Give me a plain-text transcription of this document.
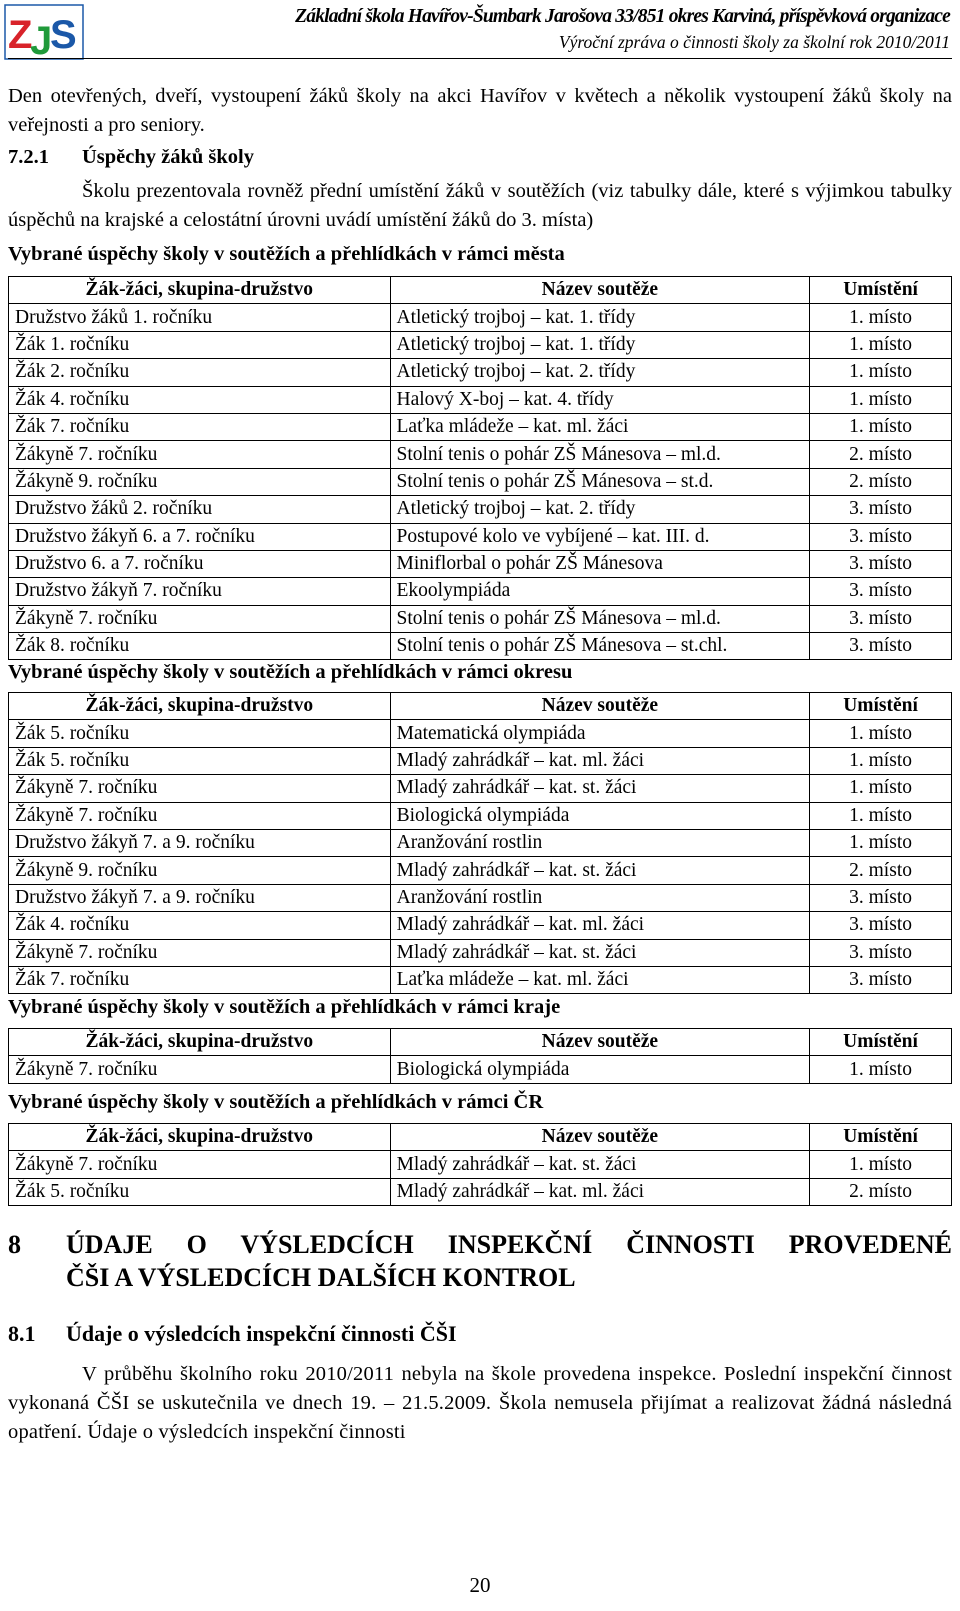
Z
J
S	Základní škola Havířov-Šumbark Jarošova 33/851 okres Karviná, příspěvková organizace
Výroční zpráva o činnosti školy za školní rok 2010/2011

Den otevřených, dveří, vystoupení žáků školy na akci Havířov v květech a několik vystoupení žáků školy na veřejnosti a pro seniory.

7.2.1 Úspěchy žáků školy

Školu prezentovala rovněž přední umístění žáků v soutěžích (viz tabulky dále, které s výjimkou tabulky úspěchů na krajské a celostátní úrovni uvádí umístění žáků do 3. místa)

Vybrané úspěchy školy v soutěžích a přehlídkách v rámci města
Žák-žáci, skupina-družstvo	Název soutěže	Umístění
Družstvo žáků 1. ročníku	Atletický trojboj – kat. 1. třídy	1. místo
Žák 1. ročníku	Atletický trojboj – kat. 1. třídy	1. místo
Žák 2. ročníku	Atletický trojboj – kat. 2. třídy	1. místo
Žák 4. ročníku	Halový X-boj – kat. 4. třídy	1. místo
Žák 7. ročníku	Laťka mládeže – kat. ml. žáci	1. místo
Žákyně 7. ročníku	Stolní tenis o pohár ZŠ Mánesova – ml.d.	2. místo
Žákyně 9. ročníku	Stolní tenis o pohár ZŠ Mánesova – st.d.	2. místo
Družstvo žáků 2. ročníku	Atletický trojboj – kat. 2. třídy	3. místo
Družstvo žákyň 6. a 7. ročníku	Postupové kolo ve vybíjené – kat. III. d.	3. místo
Družstvo 6. a 7. ročníku	Miniflorbal o pohár ZŠ Mánesova	3. místo
Družstvo žákyň 7. ročníku	Ekoolympiáda	3. místo
Žákyně 7. ročníku	Stolní tenis o pohár ZŠ Mánesova – ml.d.	3. místo
Žák 8. ročníku	Stolní tenis o pohár ZŠ Mánesova – st.chl.	3. místo
Vybrané úspěchy školy v soutěžích a přehlídkách v rámci okresu
Žák-žáci, skupina-družstvo	Název soutěže	Umístění
Žák 5. ročníku	Matematická olympiáda	1. místo
Žák 5. ročníku	Mladý zahrádkář – kat. ml. žáci	1. místo
Žákyně 7. ročníku	Mladý zahrádkář – kat. st. žáci	1. místo
Žákyně 7. ročníku	Biologická olympiáda	1. místo
Družstvo žákyň 7. a 9. ročníku	Aranžování rostlin	1. místo
Žákyně 9. ročníku	Mladý zahrádkář – kat. st. žáci	2. místo
Družstvo žákyň 7. a 9. ročníku	Aranžování rostlin	3. místo
Žák 4. ročníku	Mladý zahrádkář – kat. ml. žáci	3. místo
Žákyně 7. ročníku	Mladý zahrádkář – kat. st. žáci	3. místo
Žák 7. ročníku	Laťka mládeže – kat. ml. žáci	3. místo
Vybrané úspěchy školy v soutěžích a přehlídkách v rámci kraje
Žák-žáci, skupina-družstvo	Název soutěže	Umístění
Žákyně 7. ročníku	Biologická olympiáda	1. místo
Vybrané úspěchy školy v soutěžích a přehlídkách v rámci ČR
Žák-žáci, skupina-družstvo	Název soutěže	Umístění
Žákyně 7. ročníku	Mladý zahrádkář – kat. st. žáci	1. místo
Žák 5. ročníku	Mladý zahrádkář – kat. ml. žáci	2. místo
8 ÚDAJE O VÝSLEDCÍCH INSPEKČNÍ ČINNOSTI PROVEDENÉ
ČŠI A VÝSLEDCÍCH DALŠÍCH KONTROL
8.1 Údaje o výsledcích inspekční činnosti ČŠI

V průběhu školního roku 2010/2011 nebyla na škole provedena inspekce. Poslední inspekční činnost vykonaná ČŠI se uskutečnila ve dnech 19. – 21.5.2009. Škola nemusela přijímat a realizovat žádná následná opatření. Údaje o výsledcích inspekční činnosti

20
